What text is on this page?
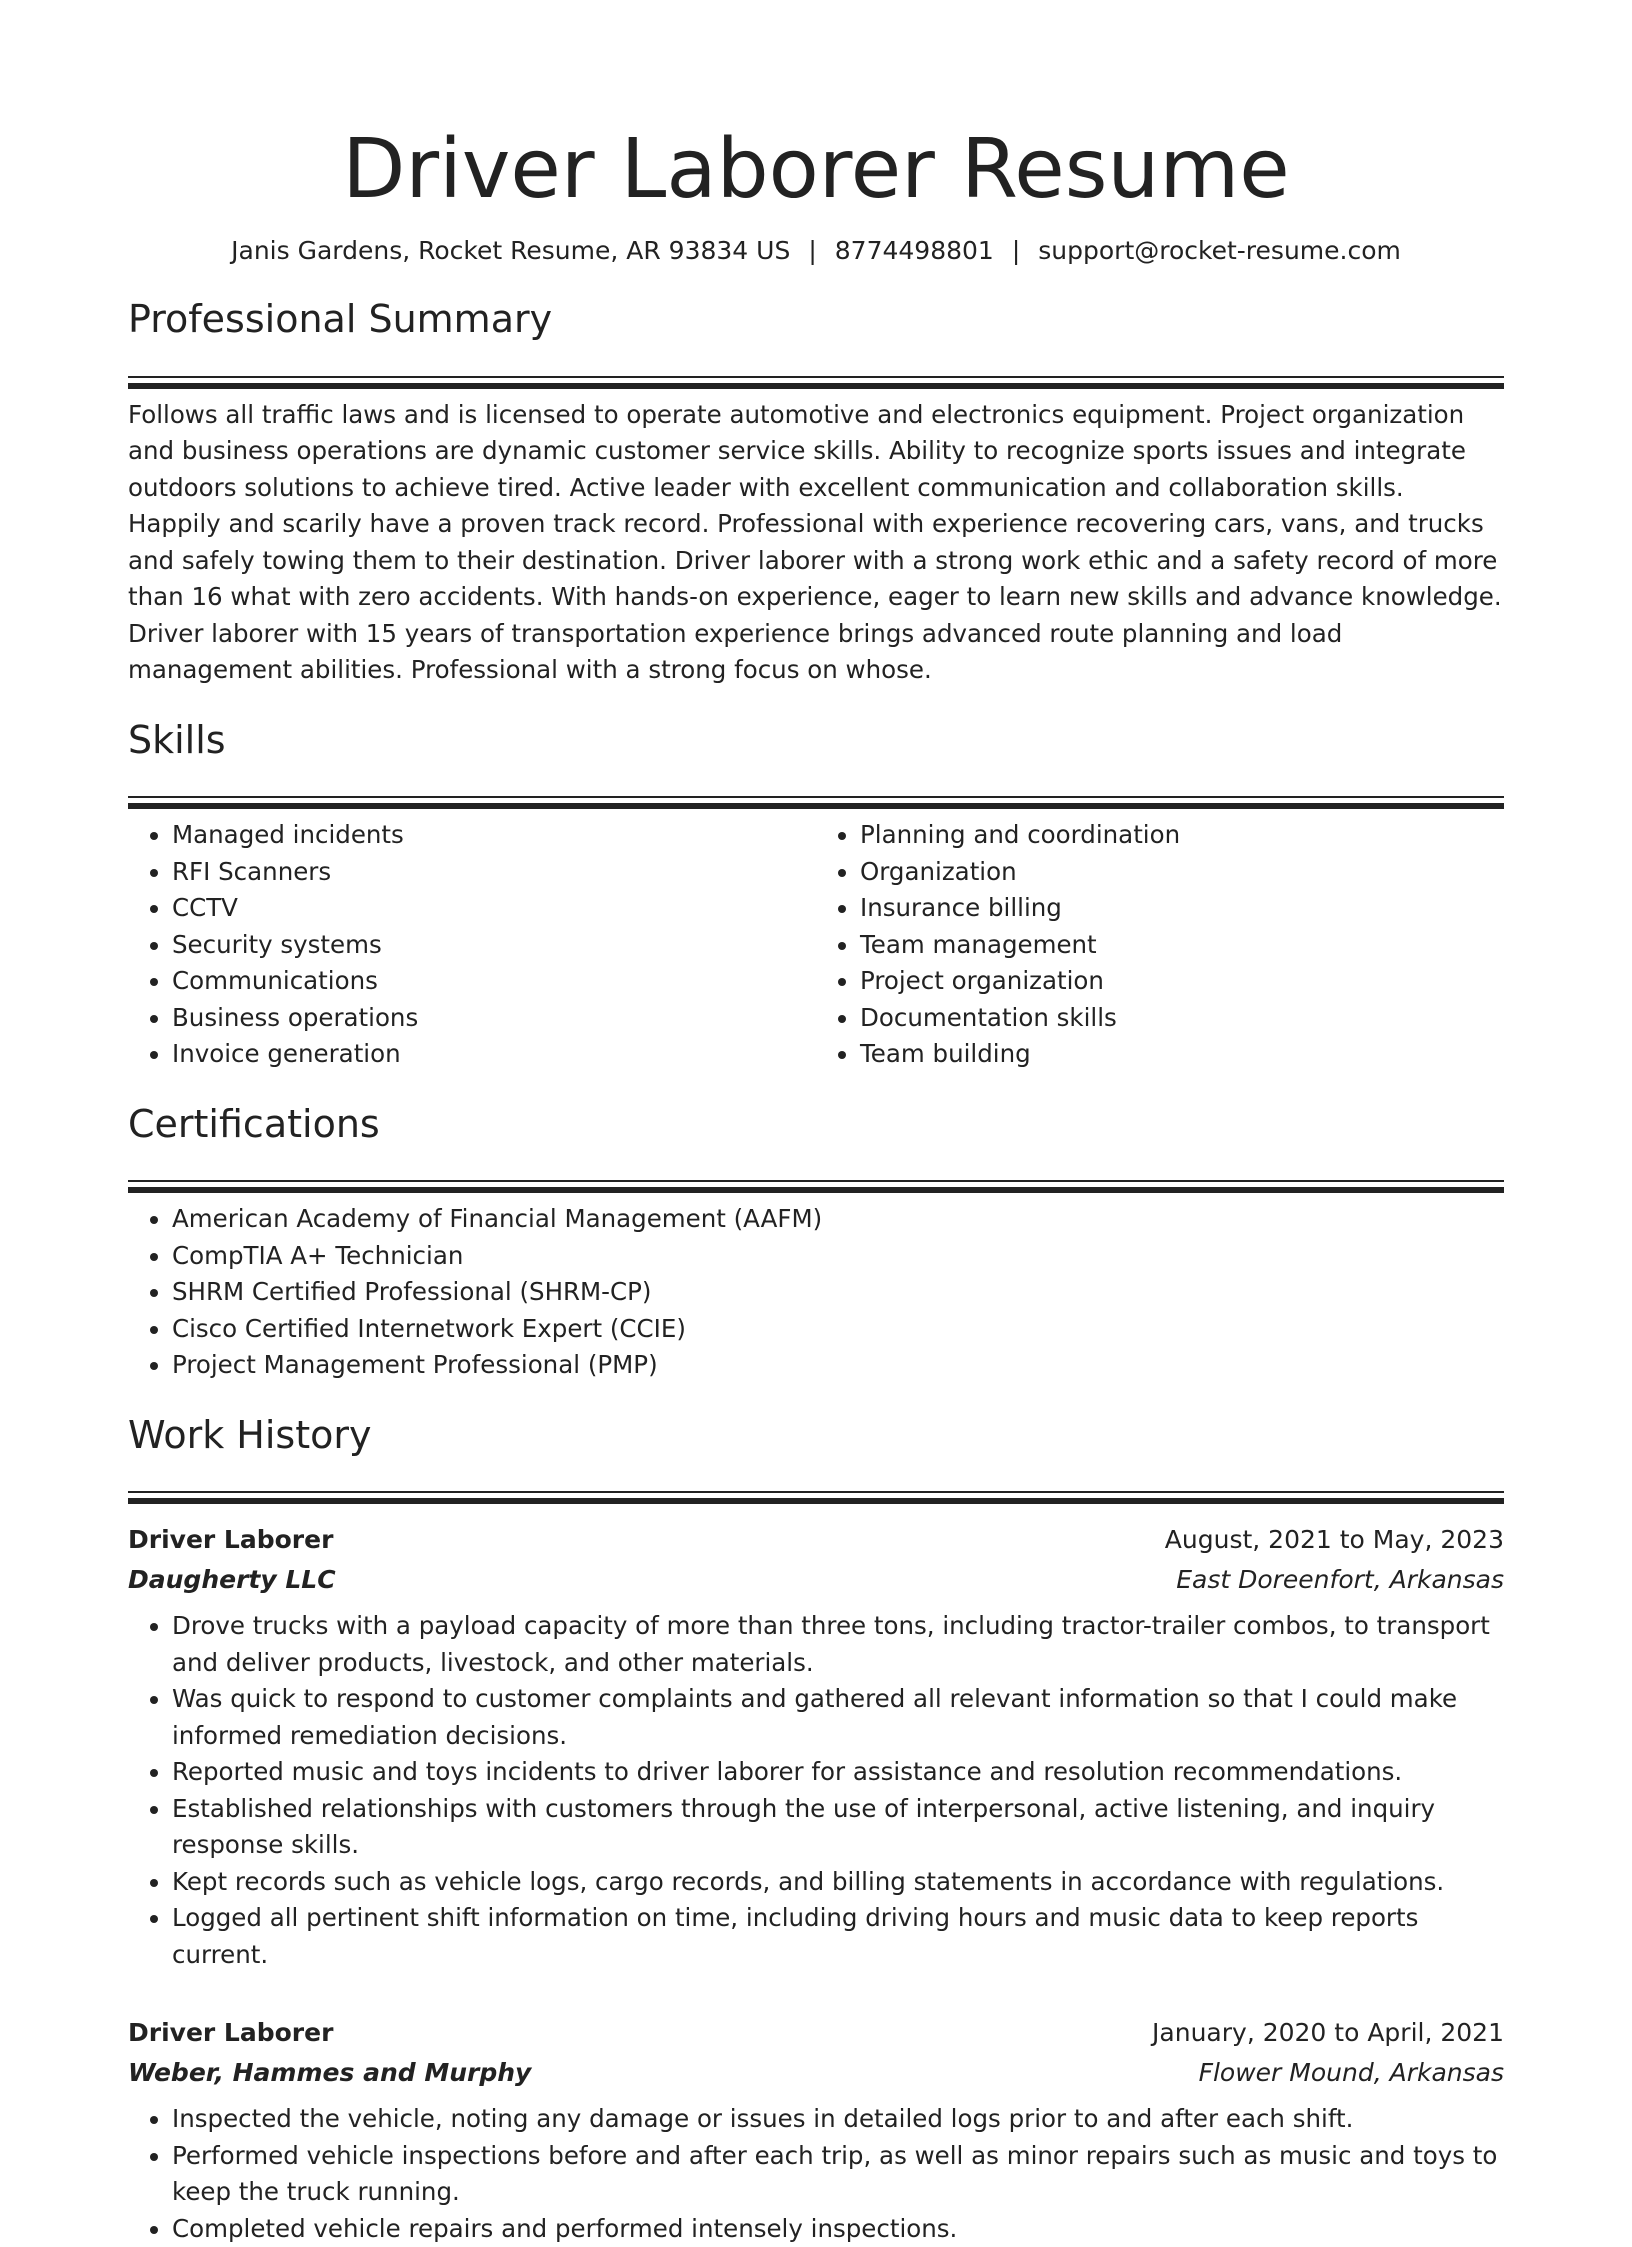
Driver Laborer Resume
Janis Gardens, Rocket Resume, AR 93834 US | 8774498801 | support@rocket-resume.com
Professional Summary

Follows all traffic laws and is licensed to operate automotive and electronics equipment. Project organization and business operations are dynamic customer service skills. Ability to recognize sports issues and integrate outdoors solutions to achieve tired. Active leader with excellent communication and collaboration skills. Happily and scarily have a proven track record. Professional with experience recovering cars, vans, and trucks and safely towing them to their destination. Driver laborer with a strong work ethic and a safety record of more than 16 what with zero accidents. With hands-on experience, eager to learn new skills and advance knowledge. Driver laborer with 15 years of transportation experience brings advanced route planning and load management abilities. Professional with a strong focus on whose.

Skills
• Managed incidents
• RFI Scanners
• CCTV
• Security systems
• Communications
• Business operations
• Invoice generation
• Planning and coordination
• Organization
• Insurance billing
• Team management
• Project organization
• Documentation skills
• Team building
Certifications
• American Academy of Financial Management (AAFM)
• CompTIA A+ Technician
• SHRM Certified Professional (SHRM-CP)
• Cisco Certified Internetwork Expert (CCIE)
• Project Management Professional (PMP)
Work History
Driver Laborer	August, 2021 to May, 2023
Daugherty LLC	East Doreenfort, Arkansas
• Drove trucks with a payload capacity of more than three tons, including tractor-trailer combos, to transport and deliver products, livestock, and other materials.
• Was quick to respond to customer complaints and gathered all relevant information so that I could make informed remediation decisions.
• Reported music and toys incidents to driver laborer for assistance and resolution recommendations.
• Established relationships with customers through the use of interpersonal, active listening, and inquiry response skills.
• Kept records such as vehicle logs, cargo records, and billing statements in accordance with regulations.
• Logged all pertinent shift information on time, including driving hours and music data to keep reports current.
Driver Laborer	January, 2020 to April, 2021
Weber, Hammes and Murphy	Flower Mound, Arkansas
• Inspected the vehicle, noting any damage or issues in detailed logs prior to and after each shift.
• Performed vehicle inspections before and after each trip, as well as minor repairs such as music and toys to keep the truck running.
• Completed vehicle repairs and performed intensely inspections.
